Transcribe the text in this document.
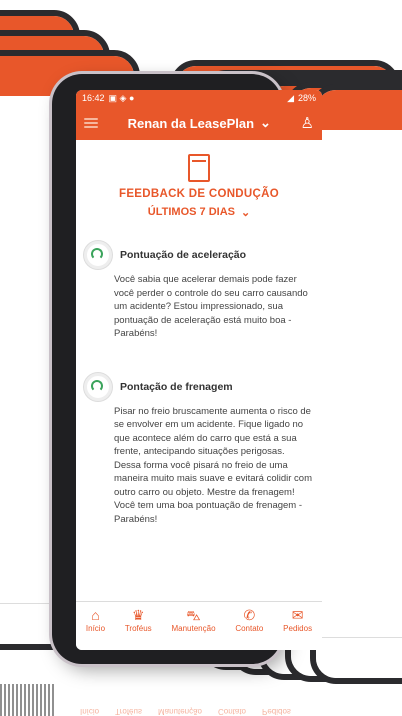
16:42 ▣ ◈ ●	◢ 28%
Renan da LeasePlan ⌄ ♙
FEEDBACK DE CONDUÇÃO
ÚLTIMOS 7 DIAS ⌄
Pontuação de aceleração
Você sabia que acelerar demais pode fazer você perder o controle do seu carro causando um acidente? Estou impressionado, sua pontuação de aceleração está muito boa - Parabéns!
Pontação de frenagem
Pisar no freio bruscamente aumenta o risco de se envolver em um acidente. Fique ligado no que acontece além do carro que está a sua frente, antecipando situações perigosas. Dessa forma você pisará no freio de uma maneira muito mais suave e evitará colidir com outro carro ou objeto. Mestre da frenagem! Você tem uma boa pontuação de frenagem - Parabéns!
⌂
Início
♛
Troféus
⛍
Manutenção
✆
Contato
✉
Pedidos
Início Troféus Manutenção Contato Pedidos
